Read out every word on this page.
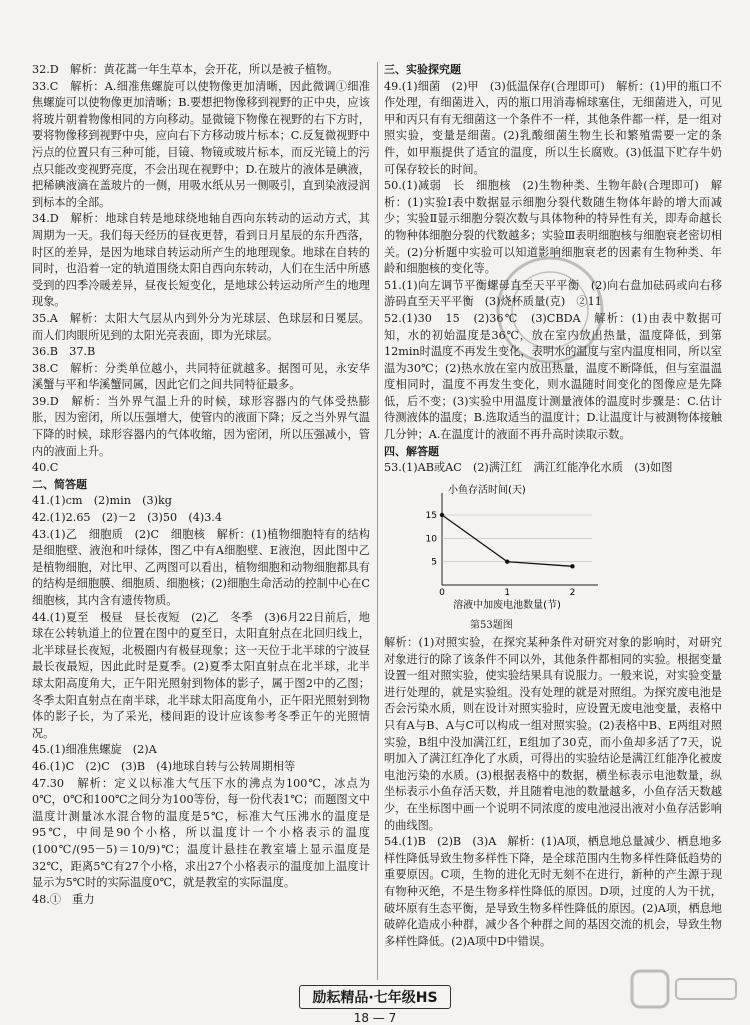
32.D　解析：黄花蒿一年生草本，会开花，所以是被子植物。
33.C　解析：A.细准焦螺旋可以使物像更加清晰，因此微调①细准焦螺旋可以使物像更加清晰；B.要想把物像移到视野的正中央，应该将玻片朝着物像相同的方向移动。显微镜下物像在视野的右下方时，要将物像移到视野中央，应向右下方移动玻片标本；C.反复微视野中污点的位置只有三种可能，目镜、物镜或玻片标本，而反光镜上的污点只能改变视野亮度，不会出现在视野中；D.在玻片的液体是碘液，把稀碘液滴在盖玻片的一侧，用吸水纸从另一侧吸引，直到染液浸润到标本的全部。
34.D　解析：地球自转是地球绕地轴自西向东转动的运动方式，其周期为一天。我们每天经历的昼夜更替，看到日月星辰的东升西落，时区的差异，是因为地球自转运动所产生的地理现象。地球在自转的同时，也沿着一定的轨道围绕太阳自西向东转动，人们在生活中所感受到的四季冷暖差异，昼夜长短变化，是地球公转运动所产生的地理现象。
35.A　解析：太阳大气层从内到外分为光球层、色球层和日冕层。而人们肉眼所见到的太阳光亮表面，即为光球层。
36.B　37.B
38.C　解析：分类单位越小，共同特征就越多。据图可见，永安华溪蟹与平和华溪蟹同属，因此它们之间共同特征最多。
39.D　解析：当外界气温上升的时候，球形容器内的气体受热膨胀，因为密闭，所以压强增大，使管内的液面下降；反之当外界气温下降的时候，球形容器内的气体收缩，因为密闭，所以压强减小，管内的液面上升。
40.C
二、简答题
41.(1)cm　(2)min　(3)kg
42.(1)2.65　(2)－2　(3)50　(4)3.4
43.(1)乙　细胞质　(2)C　细胞核　解析：(1)植物细胞特有的结构是细胞壁、液泡和叶绿体，图乙中有A细胞壁、E液泡，因此图中乙是植物细胞，对比甲、乙两图可以看出，植物细胞和动物细胞都具有的结构是细胞膜、细胞质、细胞核；(2)细胞生命活动的控制中心在C细胞核，其内含有遗传物质。
44.(1)夏至　极昼　昼长夜短　(2)乙　冬季　(3)6月22日前后，地球在公转轨道上的位置在图中的夏至日，太阳直射点在北回归线上，北半球昼长夜短，北极圈内有极昼现象；这一天位于北半球的宁波昼最长夜最短，因此此时是夏季。(2)夏季太阳直射点在北半球，北半球太阳高度角大，正午阳光照射到物体的影子，属于图2中的乙图；冬季太阳直射点在南半球，北半球太阳高度角小，正午阳光照射到物体的影子长，为了采光，楼间距的设计应该参考冬季正午的光照情况。
45.(1)细准焦螺旋　(2)A
46.(1)C　(2)C　(3)B　(4)地球自转与公转周期相等
47.30　解析：定义以标准大气压下水的沸点为100℃，冰点为0℃，0℃和100℃之间分为100等份，每一份代表1℃；而题图文中温度计测量冰水混合物的温度是5℃，标准大气压沸水的温度是95℃，中间是90个小格，所以温度计一个小格表示的温度(100℃/(95－5)＝10/9)℃；温度计悬挂在教室墙上显示温度是32℃，距离5℃有27个小格，求出27个小格表示的温度加上温度计显示为5℃时的实际温度0℃，就是教室的实际温度。
48.①　重力
三、实验探究题
49.(1)细菌　(2)甲　(3)低温保存(合理即可)　解析：(1)甲的瓶口不作处理，有细菌进入，丙的瓶口用消毒棉球塞住，无细菌进入，可见甲和丙只有有无细菌这一个条件不一样，其他条件都一样，是一组对照实验，变量是细菌。(2)乳酸细菌生物生长和繁殖需要一定的条件，如甲瓶提供了适宜的温度，所以生长腐败。(3)低温下贮存牛奶可保存较长的时间。
50.(1)减弱　长　细胞核　(2)生物种类、生物年龄(合理即可)　解析：(1)实验Ⅰ表中数据显示细胞分裂代数随生物体年龄的增大而减少；实验Ⅱ显示细胞分裂次数与具体物种的特异性有关，即寿命越长的物种体细胞分裂的代数越多；实验Ⅲ表明细胞核与细胞衰老密切相关。(2)分析题中实验可以知道影响细胞衰老的因素有生物种类、年龄和细胞核的变化等。
51.(1)向左调节平衡螺母直至天平平衡　(2)向右盘加砝码或向右移游码直至天平平衡　(3)烧杯质量(克)　②11
52.(1)30　15　(2)36℃　(3)CBDA　解析：(1)由表中数据可知，水的初始温度是36℃，放在室内放出热量，温度降低，到第12min时温度不再发生变化，表明水的温度与室内温度相同，所以室温为30℃；(2)热水放在室内放出热量，温度不断降低，但与室温温度相同时，温度不再发生变化，则水温随时间变化的图像应是先降低，后不变；(3)实验中用温度计测量液体的温度时步骤是：C.估计待测液体的温度；B.选取适当的温度计；D.让温度计与被测物体接触几分钟；A.在温度计的液面不再升高时读取示数。
四、解答题
53.(1)AB或AC　(2)满江红　满江红能净化水质　(3)如图
5
10
15
0	1	2
小鱼存活时间(天)
溶液中加废电池数量(节)
第53题图
解析：(1)对照实验，在探究某种条件对研究对象的影响时，对研究对象进行的除了该条件不同以外，其他条件都相同的实验。根据变量设置一组对照实验，使实验结果具有说服力。一般来说，对实验变量进行处理的，就是实验组。没有处理的就是对照组。为探究废电池是否会污染水质，则在设计对照实验时，应设置无废电池变量，表格中只有A与B、A与C可以构成一组对照实验。(2)表格中B、E两组对照实验，B组中没加满江红，E组加了30克，而小鱼却多活了7天，说明加入了满江红净化了水质，可得出的实验结论是满江红能净化被废电池污染的水质。(3)根据表格中的数据，横坐标表示电池数量，纵坐标表示小鱼存活天数，并且随着电池的数量越多，小鱼存活天数越少，在坐标图中画一个说明不同浓度的废电池浸出液对小鱼存活影响的曲线图。
54.(1)B　(2)B　(3)A　解析：(1)A项，栖息地总量减少、栖息地多样性降低导致生物多样性下降，是全球范围内生物多样性降低趋势的重要原因。C项，生物的进化无时无刻不在进行，新种的产生源于现有物种灭绝，不是生物多样性降低的原因。D项，过度的人为干扰，破坏原有生态平衡，是导致生物多样性降低的原因。(2)A项，栖息地破碎化造成小种群，减少各个种群之间的基因交流的机会，导致生物多样性降低。(2)A项中D中错误。
励耘精品·七年级HS
18 — 7
